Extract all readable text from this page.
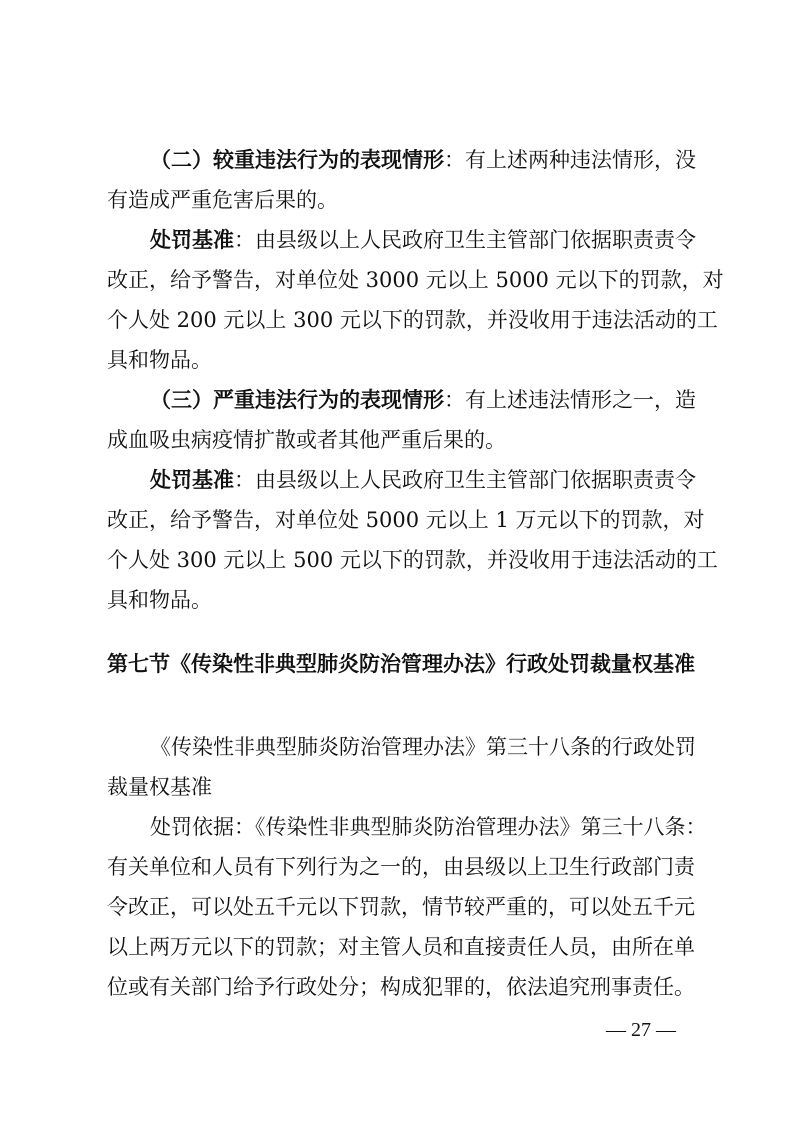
（二）较重违法行为的表现情形：有上述两种违法情形，没
有造成严重危害后果的。
处罚基准：由县级以上人民政府卫生主管部门依据职责责令
改正，给予警告，对单位处 3000 元以上 5000 元以下的罚款，对
个人处 200 元以上 300 元以下的罚款，并没收用于违法活动的工
具和物品。
（三）严重违法行为的表现情形：有上述违法情形之一，造
成血吸虫病疫情扩散或者其他严重后果的。
处罚基准：由县级以上人民政府卫生主管部门依据职责责令
改正，给予警告，对单位处 5000 元以上 1 万元以下的罚款，对
个人处 300 元以上 500 元以下的罚款，并没收用于违法活动的工
具和物品。
第七节《传染性非典型肺炎防治管理办法》行政处罚裁量权基准
《传染性非典型肺炎防治管理办法》第三十八条的行政处罚
裁量权基准
处罚依据：《传染性非典型肺炎防治管理办法》第三十八条：
有关单位和人员有下列行为之一的，由县级以上卫生行政部门责
令改正，可以处五千元以下罚款，情节较严重的，可以处五千元
以上两万元以下的罚款；对主管人员和直接责任人员，由所在单
位或有关部门给予行政处分；构成犯罪的，依法追究刑事责任。
— 27 —
